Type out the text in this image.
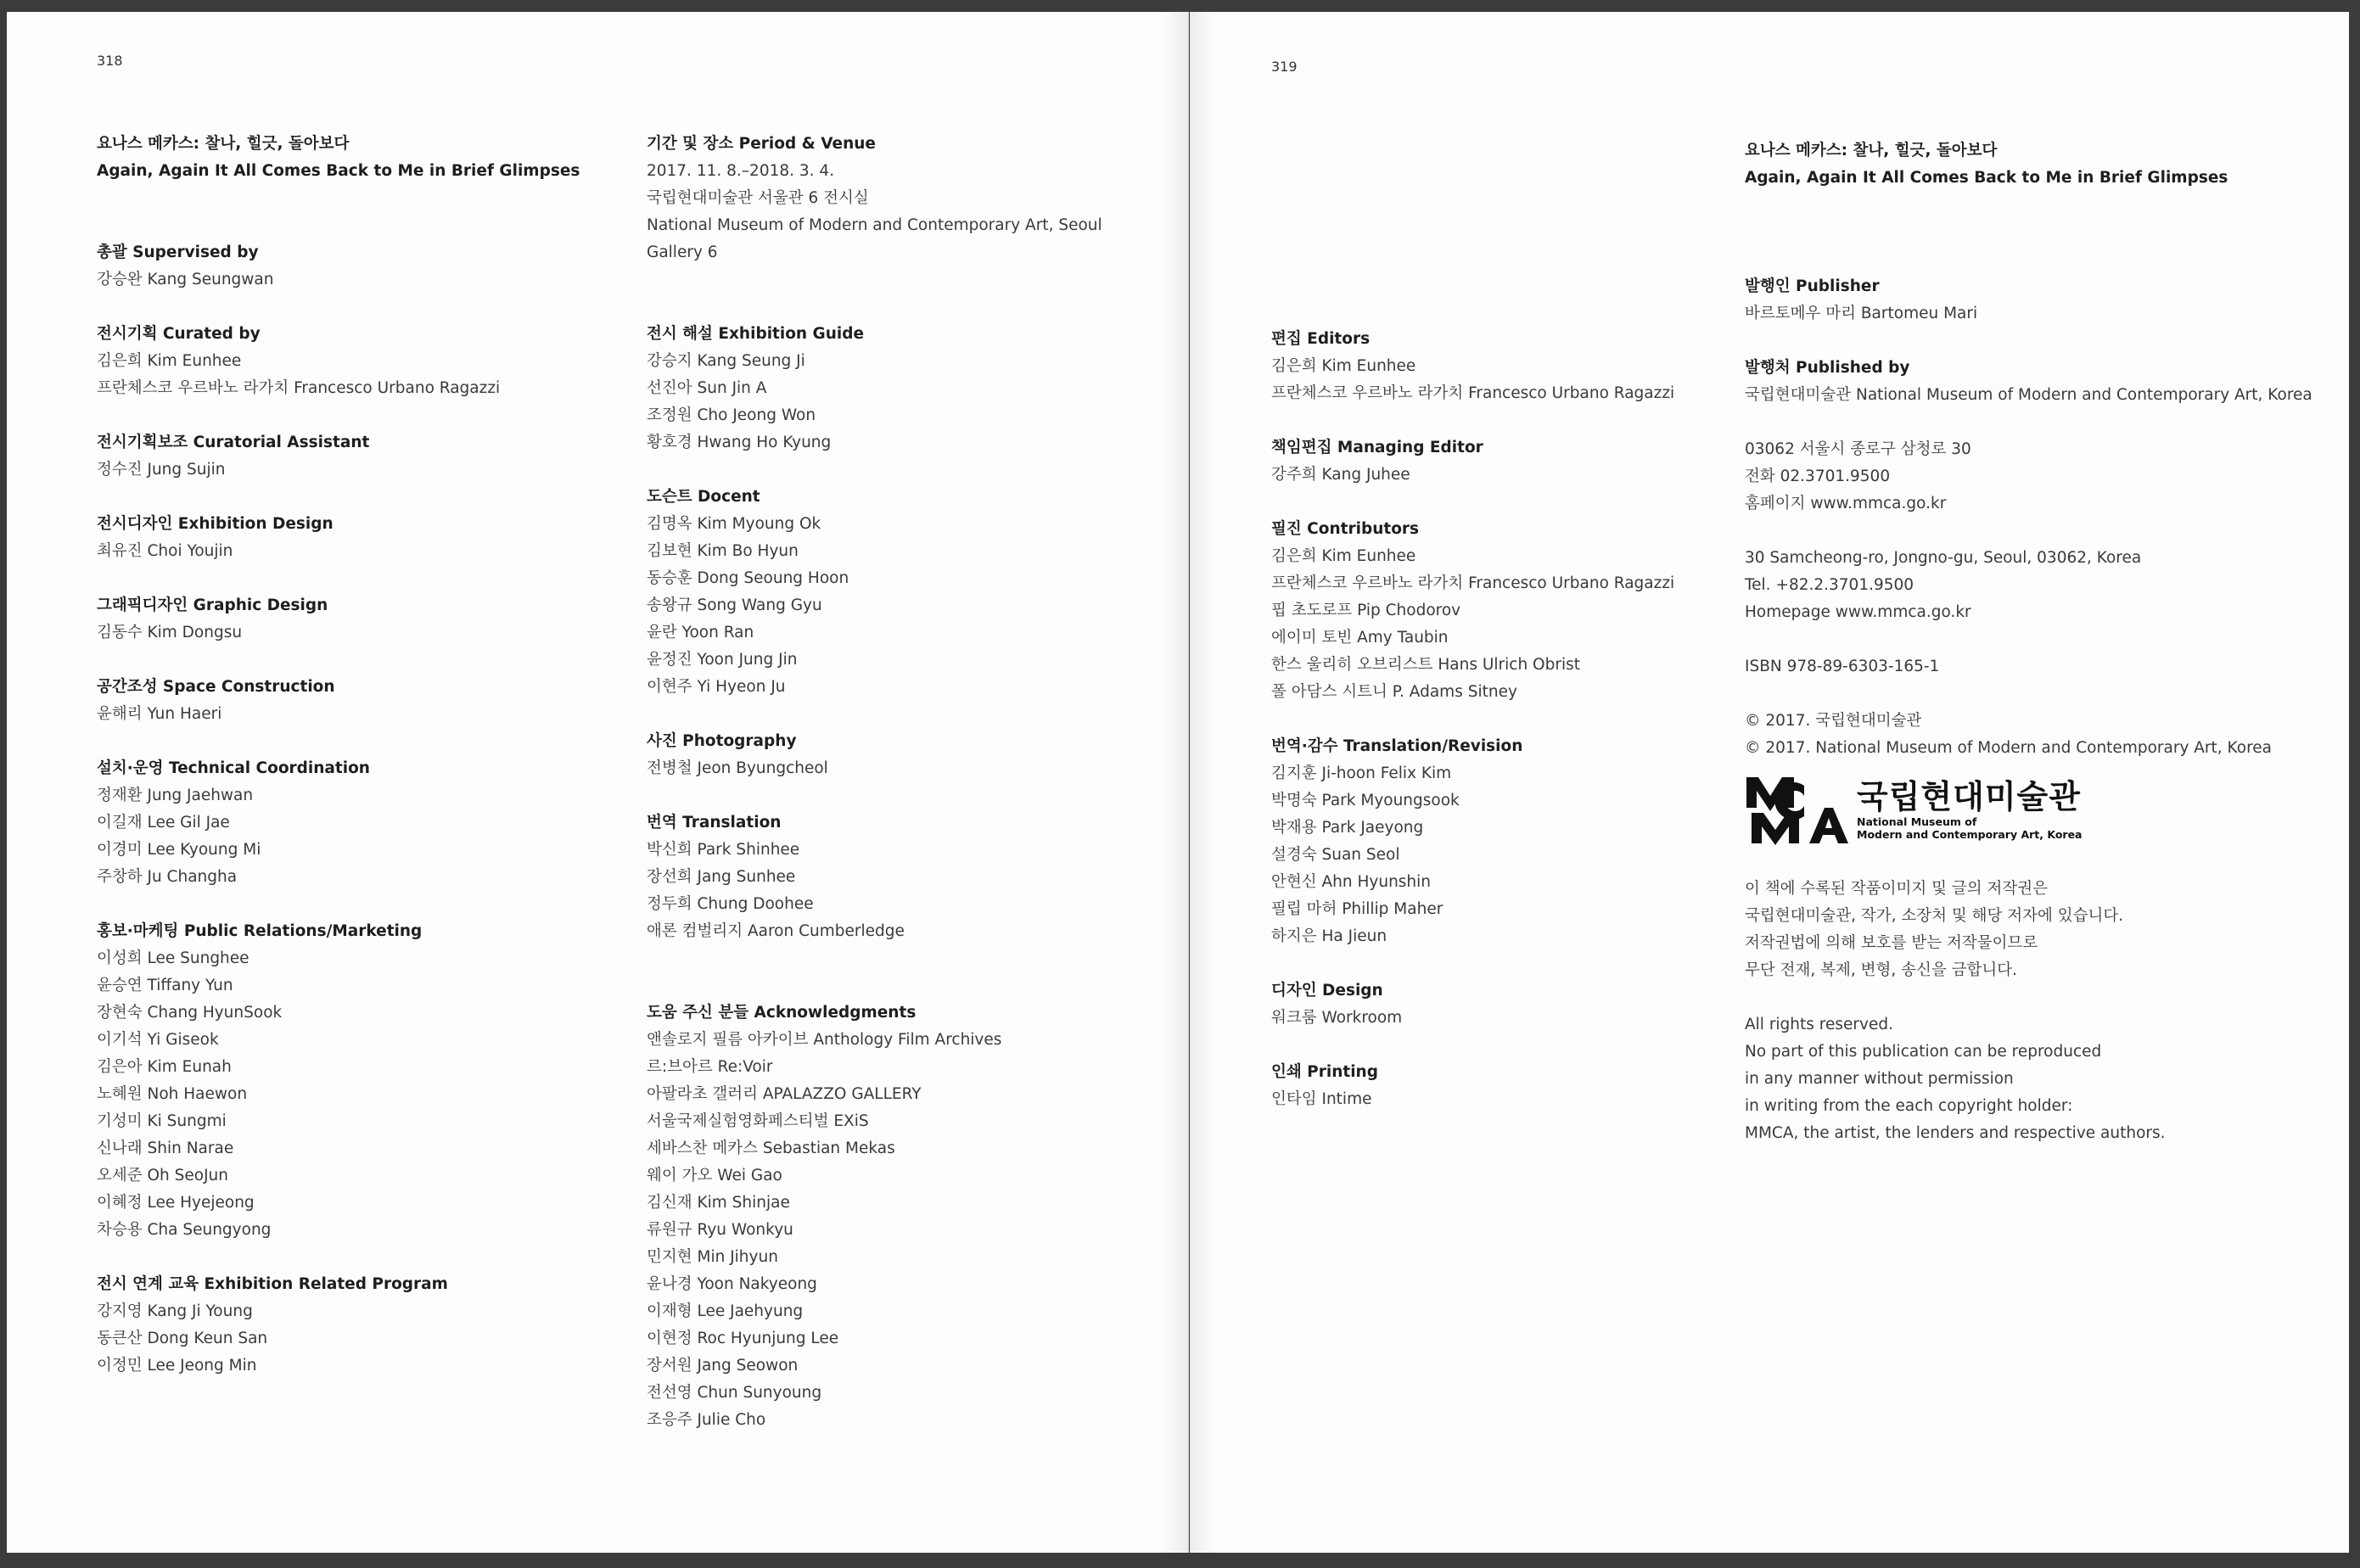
318
요나스 메카스: 찰나, 힐긋, 돌아보다
Again, Again It All Comes Back to Me in Brief Glimpses
총괄 Supervised by
강승완 Kang Seungwan
전시기획 Curated by
김은희 Kim Eunhee
프란체스코 우르바노 라가치 Francesco Urbano Ragazzi
전시기획보조 Curatorial Assistant
정수진 Jung Sujin
전시디자인 Exhibition Design
최유진 Choi Youjin
그래픽디자인 Graphic Design
김동수 Kim Dongsu
공간조성 Space Construction
윤해리 Yun Haeri
설치·운영 Technical Coordination
정재환 Jung Jaehwan
이길재 Lee Gil Jae
이경미 Lee Kyoung Mi
주창하 Ju Changha
홍보·마케팅 Public Relations/Marketing
이성희 Lee Sunghee
윤승연 Tiffany Yun
장현숙 Chang HyunSook
이기석 Yi Giseok
김은아 Kim Eunah
노혜원 Noh Haewon
기성미 Ki Sungmi
신나래 Shin Narae
오세준 Oh SeoJun
이혜정 Lee Hyejeong
차승용 Cha Seungyong
전시 연계 교육 Exhibition Related Program
강지영 Kang Ji Young
동큰산 Dong Keun San
이정민 Lee Jeong Min
기간 및 장소 Period & Venue
2017. 11. 8.–2018. 3. 4.
국립현대미술관 서울관 6 전시실
National Museum of Modern and Contemporary Art, Seoul
Gallery 6
전시 해설 Exhibition Guide
강승지 Kang Seung Ji
선진아 Sun Jin A
조정원 Cho Jeong Won
황호경 Hwang Ho Kyung
도슨트 Docent
김명옥 Kim Myoung Ok
김보현 Kim Bo Hyun
동승훈 Dong Seoung Hoon
송왕규 Song Wang Gyu
윤란 Yoon Ran
윤정진 Yoon Jung Jin
이현주 Yi Hyeon Ju
사진 Photography
전병철 Jeon Byungcheol
번역 Translation
박신희 Park Shinhee
장선희 Jang Sunhee
정두희 Chung Doohee
애론 컴벌리지 Aaron Cumberledge
도움 주신 분들 Acknowledgments
앤솔로지 필름 아카이브 Anthology Film Archives
르:브아르 Re:Voir
아팔라초 갤러리 APALAZZO GALLERY
서울국제실험영화페스티벌 EXiS
세바스찬 메카스 Sebastian Mekas
웨이 가오 Wei Gao
김신재 Kim Shinjae
류원규 Ryu Wonkyu
민지현 Min Jihyun
윤나경 Yoon Nakyeong
이재형 Lee Jaehyung
이현정 Roc Hyunjung Lee
장서원 Jang Seowon
전선영 Chun Sunyoung
조응주 Julie Cho
319
편집 Editors
김은희 Kim Eunhee
프란체스코 우르바노 라가치 Francesco Urbano Ragazzi
책임편집 Managing Editor
강주희 Kang Juhee
필진 Contributors
김은희 Kim Eunhee
프란체스코 우르바노 라가치 Francesco Urbano Ragazzi
핍 초도로프 Pip Chodorov
에이미 토빈 Amy Taubin
한스 울리히 오브리스트 Hans Ulrich Obrist
폴 아담스 시트니 P. Adams Sitney
번역·감수 Translation/Revision
김지훈 Ji-hoon Felix Kim
박명숙 Park Myoungsook
박재용 Park Jaeyong
설경숙 Suan Seol
안현신 Ahn Hyunshin
필립 마허 Phillip Maher
하지은 Ha Jieun
디자인 Design
워크룸 Workroom
인쇄 Printing
인타임 Intime
요나스 메카스: 찰나, 힐긋, 돌아보다
Again, Again It All Comes Back to Me in Brief Glimpses
발행인 Publisher
바르토메우 마리 Bartomeu Mari
발행처 Published by
국립현대미술관 National Museum of Modern and Contemporary Art, Korea
03062 서울시 종로구 삼청로 30
전화 02.3701.9500
홈페이지 www.mmca.go.kr
30 Samcheong-ro, Jongno-gu, Seoul, 03062, Korea
Tel. +82.2.3701.9500
Homepage www.mmca.go.kr
ISBN 978-89-6303-165-1
© 2017. 국립현대미술관
© 2017. National Museum of Modern and Contemporary Art, Korea
국립현대미술관
National Museum of
Modern and Contemporary Art, Korea
이 책에 수록된 작품이미지 및 글의 저작권은
국립현대미술관, 작가, 소장처 및 해당 저자에 있습니다.
저작권법에 의해 보호를 받는 저작물이므로
무단 전재, 복제, 변형, 송신을 금합니다.
All rights reserved.
No part of this publication can be reproduced
in any manner without permission
in writing from the each copyright holder:
MMCA, the artist, the lenders and respective authors.
